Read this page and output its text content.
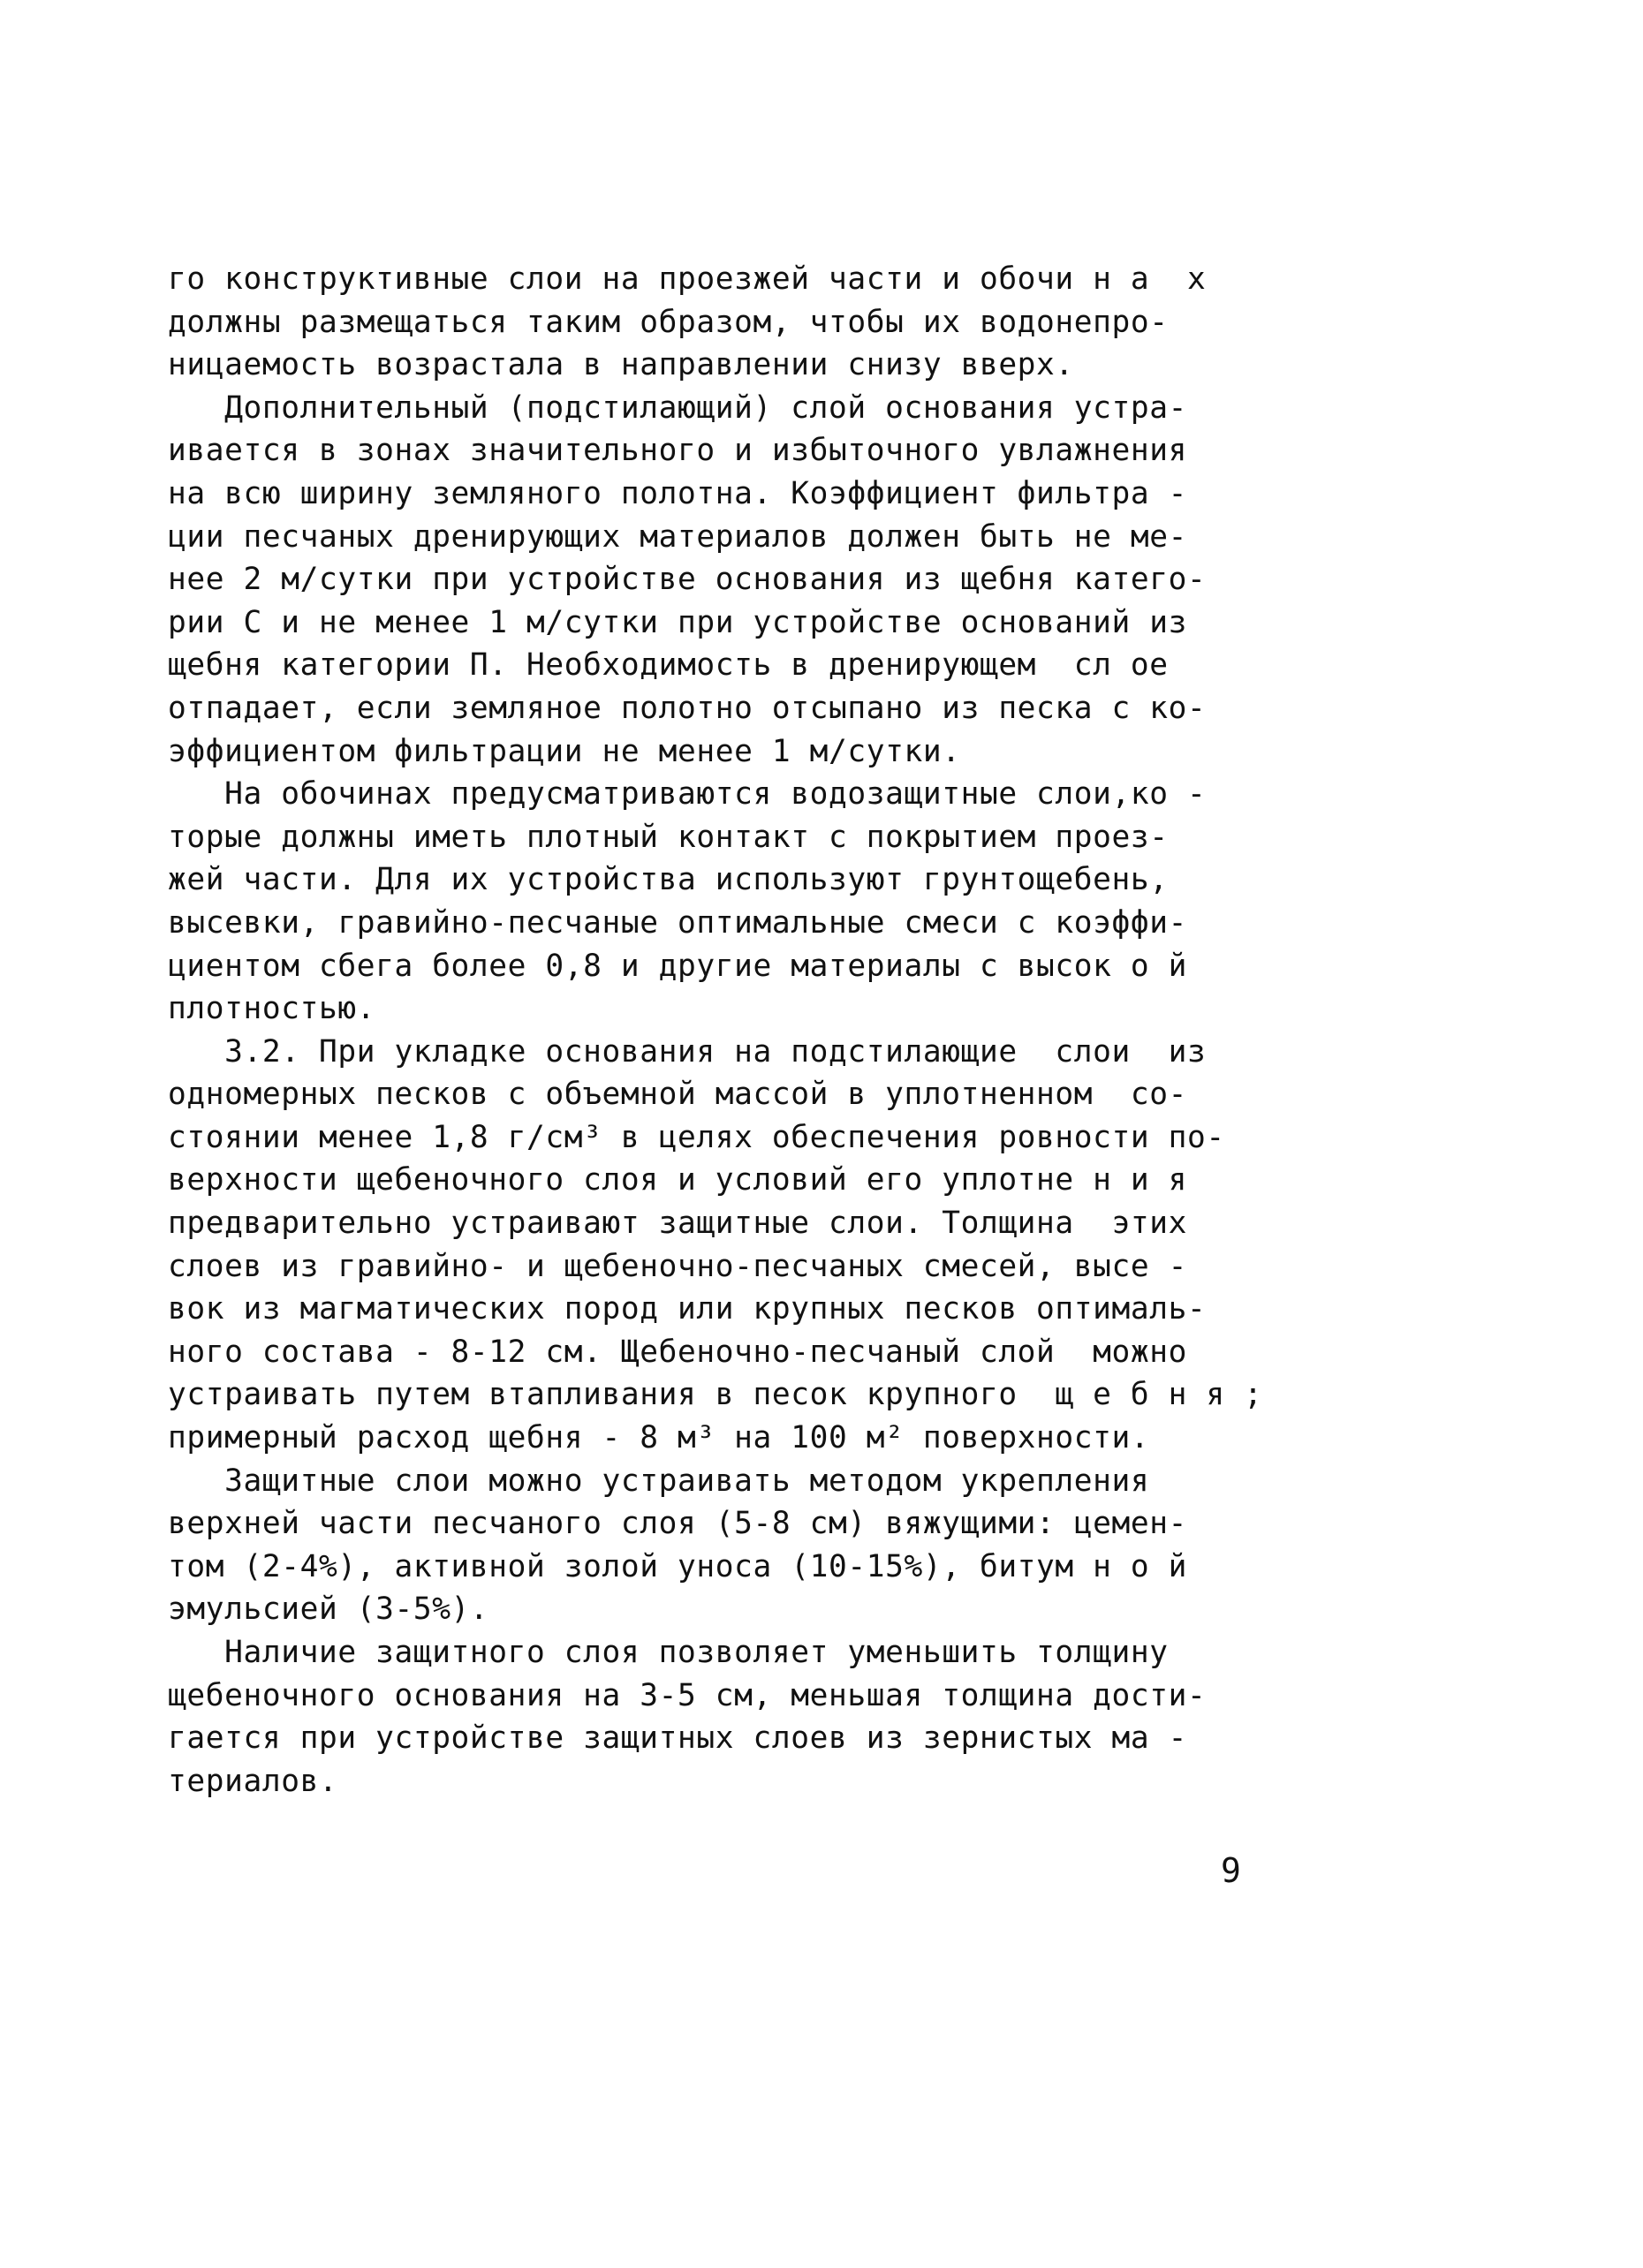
го конструктивные слои на проезжей части и обочи н а  х
должны размещаться таким образом, чтобы их водонепро-
ницаемость возрастала в направлении снизу вверх.
Дополнительный (подстилающий) слой основания устра-
ивается в зонах значительного и избыточного увлажнения
на всю ширину земляного полотна. Коэффициент фильтра -
ции песчаных дренирующих материалов должен быть не ме-
нее 2 м/сутки при устройстве основания из щебня катего-
рии С и не менее 1 м/сутки при устройстве оснований из
щебня категории П. Необходимость в дренирующем  сл ое
отпадает, если земляное полотно отсыпано из песка с ко-
эффициентом фильтрации не менее 1 м/сутки.
На обочинах предусматриваются водозащитные слои,ко -
торые должны иметь плотный контакт с покрытием проез-
жей части. Для их устройства используют грунтощебень,
высевки, гравийно-песчаные оптимальные смеси с коэффи-
циентом сбега более 0,8 и другие материалы с высок о й
плотностью.
3.2. При укладке основания на подстилающие  слои  из
одномерных песков с объемной массой в уплотненном  со-
стоянии менее 1,8 г/см³ в целях обеспечения ровности по-
верхности щебеночного слоя и условий его уплотне н и я
предварительно устраивают защитные слои. Толщина  этих
слоев из гравийно- и щебеночно-песчаных смесей, высе -
вок из магматических пород или крупных песков оптималь-
ного состава - 8-12 см. Щебеночно-песчаный слой  можно
устраивать путем втапливания в песок крупного  щ е б н я ;
примерный расход щебня - 8 м³ на 100 м² поверхности.
Защитные слои можно устраивать методом укрепления
верхней части песчаного слоя (5-8 см) вяжущими: цемен-
том (2-4%), активной золой уноса (10-15%), битум н о й
эмульсией (3-5%).
Наличие защитного слоя позволяет уменьшить толщину
щебеночного основания на 3-5 см, меньшая толщина дости-
гается при устройстве защитных слоев из зернистых ма -
териалов.
9
